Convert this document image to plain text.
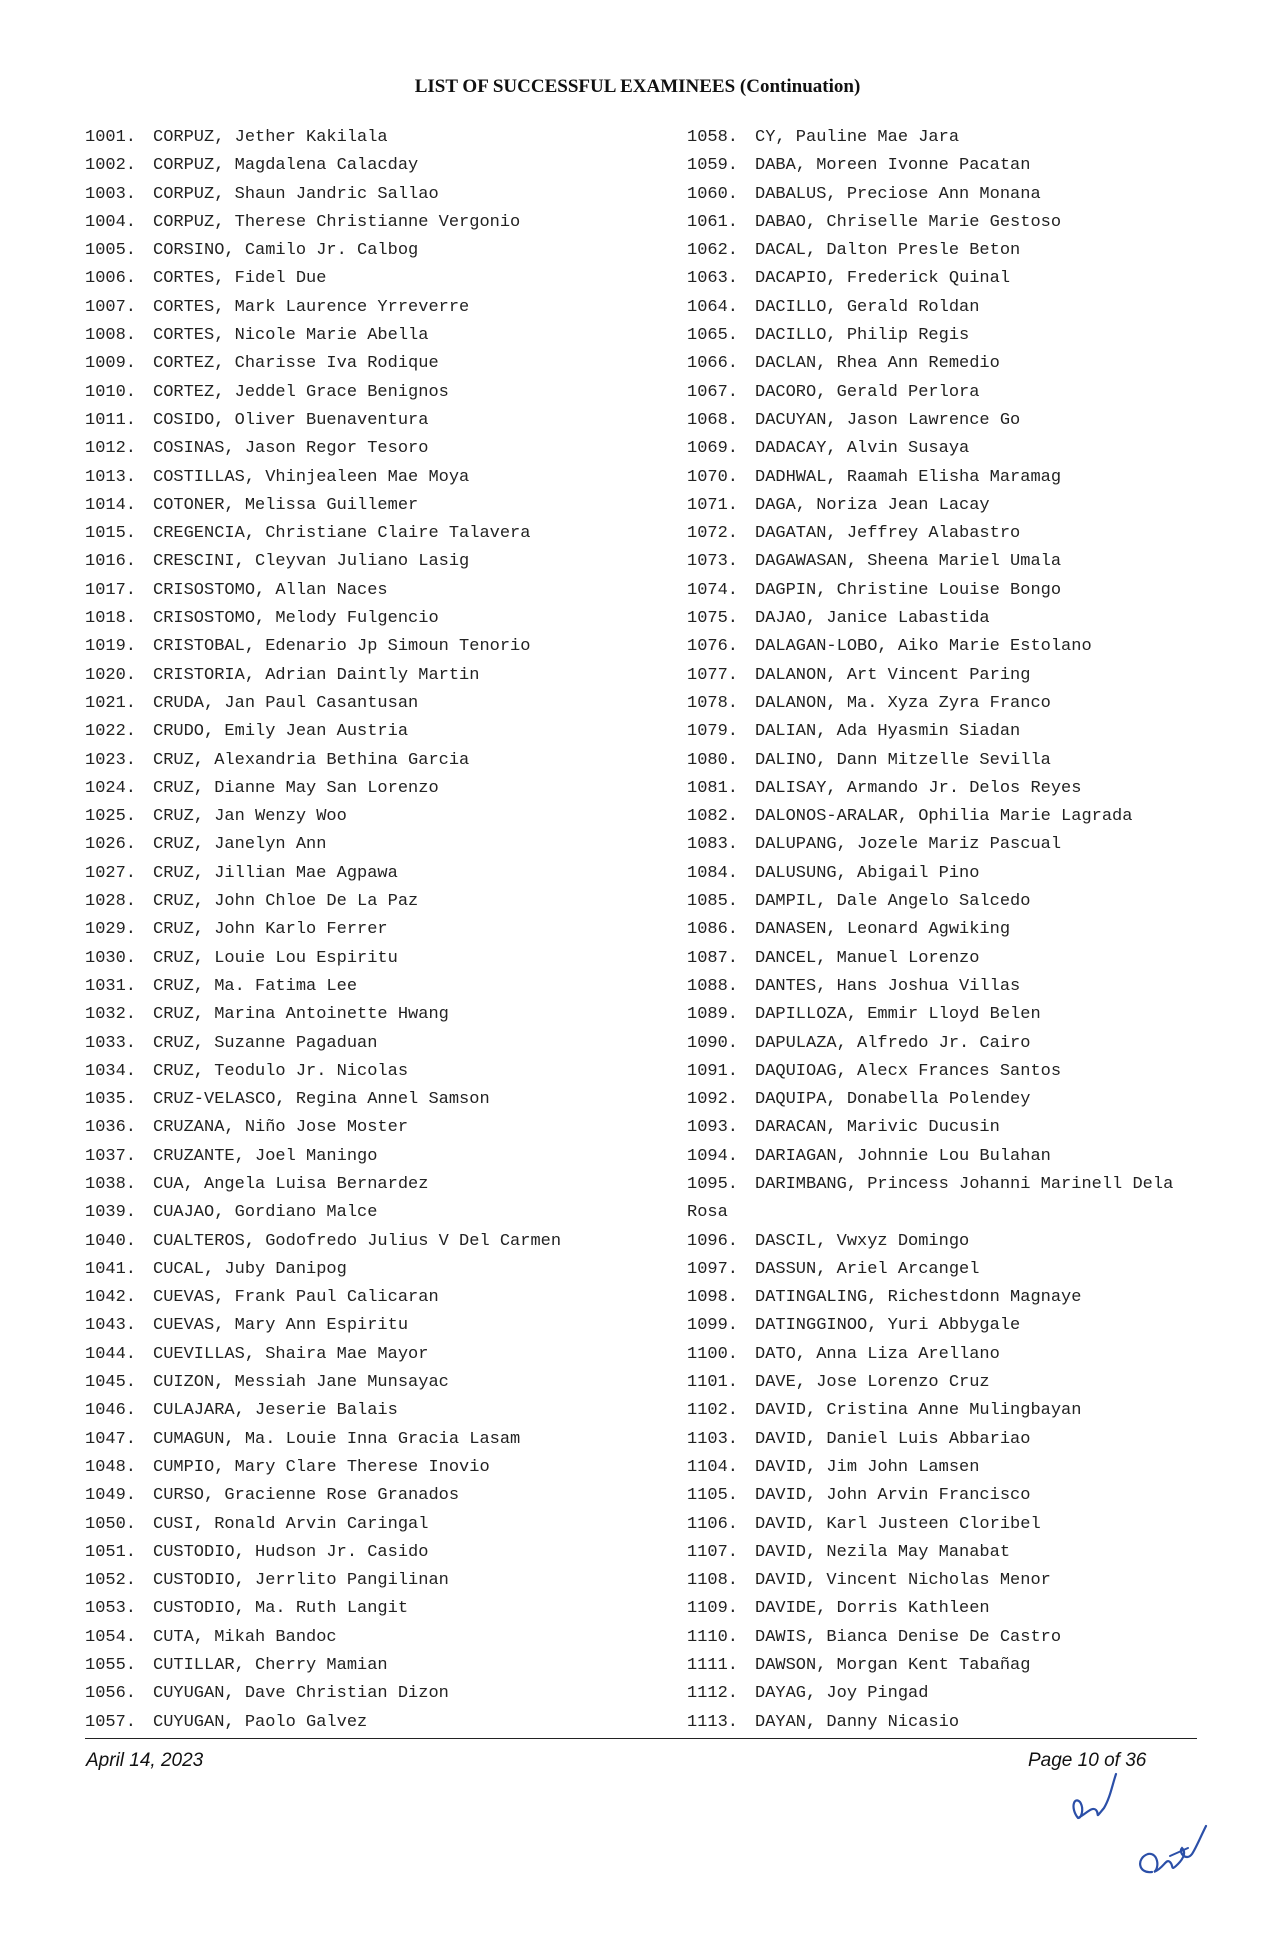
LIST OF SUCCESSFUL EXAMINEES (Continuation)
1001. CORPUZ, Jether Kakilala
1002. CORPUZ, Magdalena Calacday
1003. CORPUZ, Shaun Jandric Sallao
1004. CORPUZ, Therese Christianne Vergonio
1005. CORSINO, Camilo Jr. Calbog
1006. CORTES, Fidel Due
1007. CORTES, Mark Laurence Yrreverre
1008. CORTES, Nicole Marie Abella
1009. CORTEZ, Charisse Iva Rodique
1010. CORTEZ, Jeddel Grace Benignos
1011. COSIDO, Oliver Buenaventura
1012. COSINAS, Jason Regor Tesoro
1013. COSTILLAS, Vhinjealeen Mae Moya
1014. COTONER, Melissa Guillemer
1015. CREGENCIA, Christiane Claire Talavera
1016. CRESCINI, Cleyvan Juliano Lasig
1017. CRISOSTOMO, Allan Naces
1018. CRISOSTOMO, Melody Fulgencio
1019. CRISTOBAL, Edenario Jp Simoun Tenorio
1020. CRISTORIA, Adrian Daintly Martin
1021. CRUDA, Jan Paul Casantusan
1022. CRUDO, Emily Jean Austria
1023. CRUZ, Alexandria Bethina Garcia
1024. CRUZ, Dianne May San Lorenzo
1025. CRUZ, Jan Wenzy Woo
1026. CRUZ, Janelyn Ann
1027. CRUZ, Jillian Mae Agpawa
1028. CRUZ, John Chloe De La Paz
1029. CRUZ, John Karlo Ferrer
1030. CRUZ, Louie Lou Espiritu
1031. CRUZ, Ma. Fatima Lee
1032. CRUZ, Marina Antoinette Hwang
1033. CRUZ, Suzanne Pagaduan
1034. CRUZ, Teodulo Jr. Nicolas
1035. CRUZ-VELASCO, Regina Annel Samson
1036. CRUZANA, Niño Jose Moster
1037. CRUZANTE, Joel Maningo
1038. CUA, Angela Luisa Bernardez
1039. CUAJAO, Gordiano Malce
1040. CUALTEROS, Godofredo Julius V Del Carmen
1041. CUCAL, Juby Danipog
1042. CUEVAS, Frank Paul Calicaran
1043. CUEVAS, Mary Ann Espiritu
1044. CUEVILLAS, Shaira Mae Mayor
1045. CUIZON, Messiah Jane Munsayac
1046. CULAJARA, Jeserie Balais
1047. CUMAGUN, Ma. Louie Inna Gracia Lasam
1048. CUMPIO, Mary Clare Therese Inovio
1049. CURSO, Gracienne Rose Granados
1050. CUSI, Ronald Arvin Caringal
1051. CUSTODIO, Hudson Jr. Casido
1052. CUSTODIO, Jerrlito Pangilinan
1053. CUSTODIO, Ma. Ruth Langit
1054. CUTA, Mikah Bandoc
1055. CUTILLAR, Cherry Mamian
1056. CUYUGAN, Dave Christian Dizon
1057. CUYUGAN, Paolo Galvez
1058. CY, Pauline Mae Jara
1059. DABA, Moreen Ivonne Pacatan
1060. DABALUS, Preciose Ann Monana
1061. DABAO, Chriselle Marie Gestoso
1062. DACAL, Dalton Presle Beton
1063. DACAPIO, Frederick Quinal
1064. DACILLO, Gerald Roldan
1065. DACILLO, Philip Regis
1066. DACLAN, Rhea Ann Remedio
1067. DACORO, Gerald Perlora
1068. DACUYAN, Jason Lawrence Go
1069. DADACAY, Alvin Susaya
1070. DADHWAL, Raamah Elisha Maramag
1071. DAGA, Noriza Jean Lacay
1072. DAGATAN, Jeffrey Alabastro
1073. DAGAWASAN, Sheena Mariel Umala
1074. DAGPIN, Christine Louise Bongo
1075. DAJAO, Janice Labastida
1076. DALAGAN-LOBO, Aiko Marie Estolano
1077. DALANON, Art Vincent Paring
1078. DALANON, Ma. Xyza Zyra Franco
1079. DALIAN, Ada Hyasmin Siadan
1080. DALINO, Dann Mitzelle Sevilla
1081. DALISAY, Armando Jr. Delos Reyes
1082. DALONOS-ARALAR, Ophilia Marie Lagrada
1083. DALUPANG, Jozele Mariz Pascual
1084. DALUSUNG, Abigail Pino
1085. DAMPIL, Dale Angelo Salcedo
1086. DANASEN, Leonard Agwiking
1087. DANCEL, Manuel Lorenzo
1088. DANTES, Hans Joshua Villas
1089. DAPILLOZA, Emmir Lloyd Belen
1090. DAPULAZA, Alfredo Jr. Cairo
1091. DAQUIOAG, Alecx Frances Santos
1092. DAQUIPA, Donabella Polendey
1093. DARACAN, Marivic Ducusin
1094. DARIAGAN, Johnnie Lou Bulahan
1095. DARIMBANG, Princess Johanni Marinell Dela
Rosa
1096. DASCIL, Vwxyz Domingo
1097. DASSUN, Ariel Arcangel
1098. DATINGALING, Richestdonn Magnaye
1099. DATINGGINOO, Yuri Abbygale
1100. DATO, Anna Liza Arellano
1101. DAVE, Jose Lorenzo Cruz
1102. DAVID, Cristina Anne Mulingbayan
1103. DAVID, Daniel Luis Abbariao
1104. DAVID, Jim John Lamsen
1105. DAVID, John Arvin Francisco
1106. DAVID, Karl Justeen Cloribel
1107. DAVID, Nezila May Manabat
1108. DAVID, Vincent Nicholas Menor
1109. DAVIDE, Dorris Kathleen
1110. DAWIS, Bianca Denise De Castro
1111. DAWSON, Morgan Kent Tabañag
1112. DAYAG, Joy Pingad
1113. DAYAN, Danny Nicasio
April 14, 2023	Page 10 of 36
